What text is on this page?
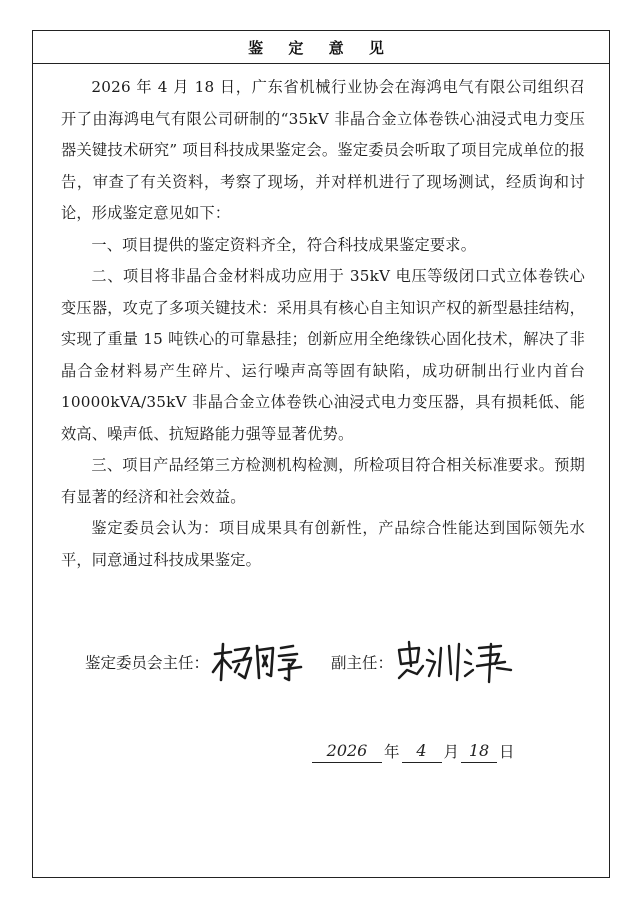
鉴 定 意 见

2026 年 4 月 18 日，广东省机械行业协会在海鸿电气有限公司组织召开了由海鸿电气有限公司研制的“35kV 非晶合金立体卷铁心油浸式电力变压器关键技术研究” 项目科技成果鉴定会。鉴定委员会听取了项目完成单位的报告，审查了有关资料，考察了现场，并对样机进行了现场测试，经质询和讨论，形成鉴定意见如下：

一、项目提供的鉴定资料齐全，符合科技成果鉴定要求。

二、项目将非晶合金材料成功应用于 35kV 电压等级闭口式立体卷铁心变压器，攻克了多项关键技术：采用具有核心自主知识产权的新型悬挂结构，实现了重量 15 吨铁心的可靠悬挂；创新应用全绝缘铁心固化技术，解决了非晶合金材料易产生碎片、运行噪声高等固有缺陷，成功研制出行业内首台 10000kVA/35kV 非晶合金立体卷铁心油浸式电力变压器，具有损耗低、能效高、噪声低、抗短路能力强等显著优势。

三、项目产品经第三方检测机构检测，所检项目符合相关标准要求。预期有显著的经济和社会效益。

鉴定委员会认为：项目成果具有创新性，产品综合性能达到国际领先水平，同意通过科技成果鉴定。

鉴定委员会主任：	副主任：
2026	年	4	月 18 日
